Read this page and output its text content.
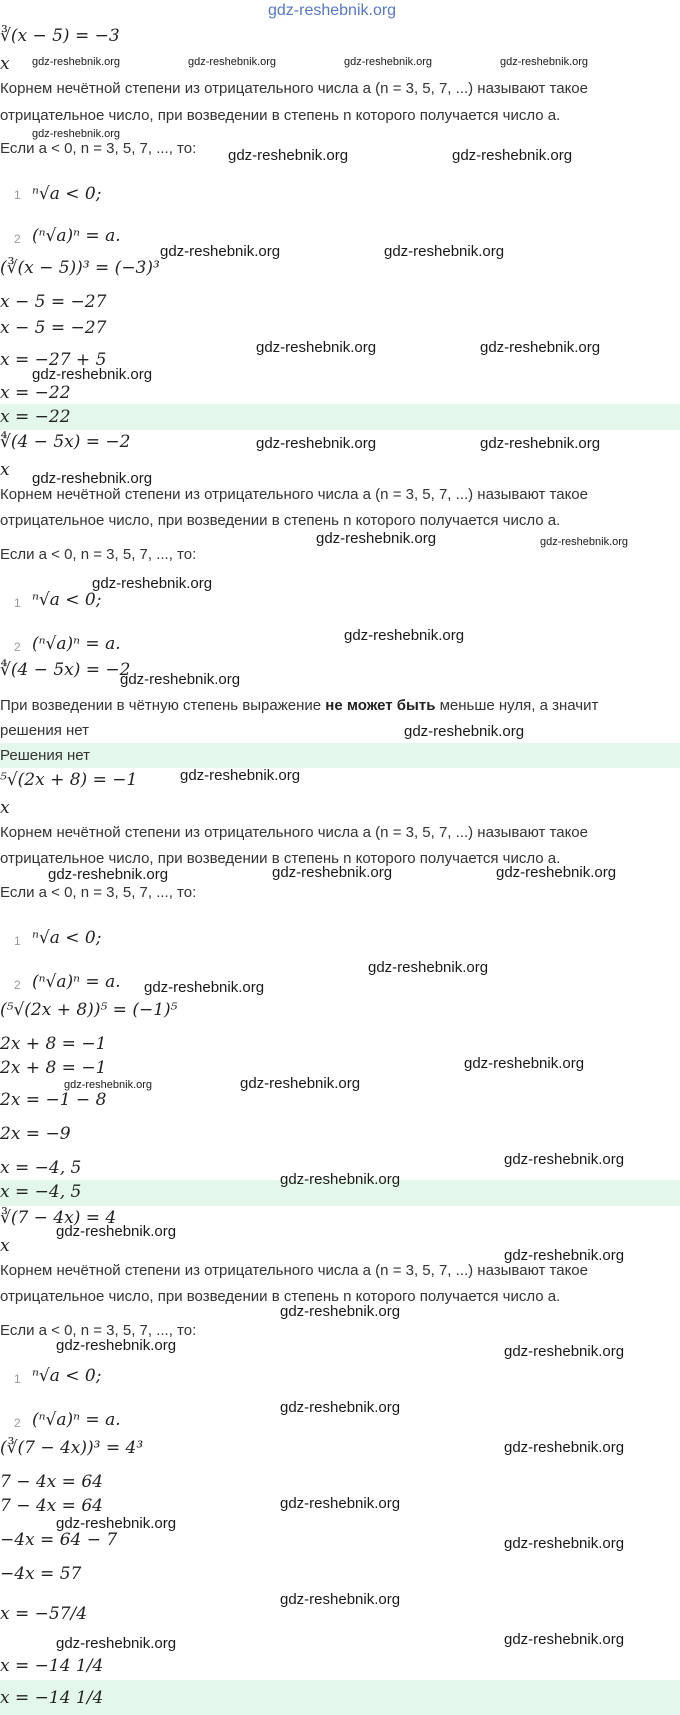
gdz-reshebnik.org
∛(x − 5) = −3
x gdz-reshebnik.org	gdz-reshebnik.org	gdz-reshebnik.org	gdz-reshebnik.org
Корнем нечётной степени из отрицательного числа a (n = 3, 5, 7, ...) называют такое
gdz-reshebnik.org
отрицательное число, при возведении в степень n которого получается число a.
Если a < 0, n = 3, 5, 7, ..., то: gdz-reshebnik.org	gdz-reshebnik.org
1 ⁿ√a < 0;
2 (ⁿ√a)ⁿ = a.
(∛(x − 5))³ = (−3)³
gdz-reshebnik.org	gdz-reshebnik.org
x − 5 = −27
x − 5 = −27
gdz-reshebnik.org	gdz-reshebnik.org
x = −27 + 5
gdz-reshebnik.org
x = −22
x = −22
∜(4 − 5x) = −2	gdz-reshebnik.org	gdz-reshebnik.org
x gdz-reshebnik.org
Корнем нечётной степени из отрицательного числа a (n = 3, 5, 7, ...) называют такое
отрицательное число, при возведении в степень n которого получается число a.
gdz-reshebnik.org	gdz-reshebnik.org
Если a < 0, n = 3, 5, 7, ..., то:
gdz-reshebnik.org
1 ⁿ√a < 0;
gdz-reshebnik.org
2 (ⁿ√a)ⁿ = a.
∜(4 − 5x) = −2
gdz-reshebnik.org
При возведении в чётную степень выражение не может быть меньше нуля, а значит
решения нет	gdz-reshebnik.org
Решения нет
⁵√(2x + 8) = −1	gdz-reshebnik.org
x
Корнем нечётной степени из отрицательного числа a (n = 3, 5, 7, ...) называют такое
отрицательное число, при возведении в степень n которого получается число a.
gdz-reshebnik.org	gdz-reshebnik.org	gdz-reshebnik.org
Если a < 0, n = 3, 5, 7, ..., то:
1 ⁿ√a < 0;
gdz-reshebnik.org
2 (ⁿ√a)ⁿ = a. gdz-reshebnik.org
(⁵√(2x + 8))⁵ = (−1)⁵
2x + 8 = −1
gdz-reshebnik.org
2x + 8 = −1
gdz-reshebnik.org	gdz-reshebnik.org
2x = −1 − 8
2x = −9
gdz-reshebnik.org
x = −4, 5
x = −4, 5
gdz-reshebnik.org
∛(7 − 4x) = 4
gdz-reshebnik.org
x	gdz-reshebnik.org
Корнем нечётной степени из отрицательного числа a (n = 3, 5, 7, ...) называют такое
отрицательное число, при возведении в степень n которого получается число a.
gdz-reshebnik.org
Если a < 0, n = 3, 5, 7, ..., то:
gdz-reshebnik.org	gdz-reshebnik.org
1 ⁿ√a < 0;
gdz-reshebnik.org
2 (ⁿ√a)ⁿ = a.
(∛(7 − 4x))³ = 4³	gdz-reshebnik.org
7 − 4x = 64
gdz-reshebnik.org
7 − 4x = 64
gdz-reshebnik.org
−4x = 64 − 7	gdz-reshebnik.org
−4x = 57
gdz-reshebnik.org
x = −57/4
gdz-reshebnik.org	gdz-reshebnik.org
x = −14 1/4
x = −14 1/4
